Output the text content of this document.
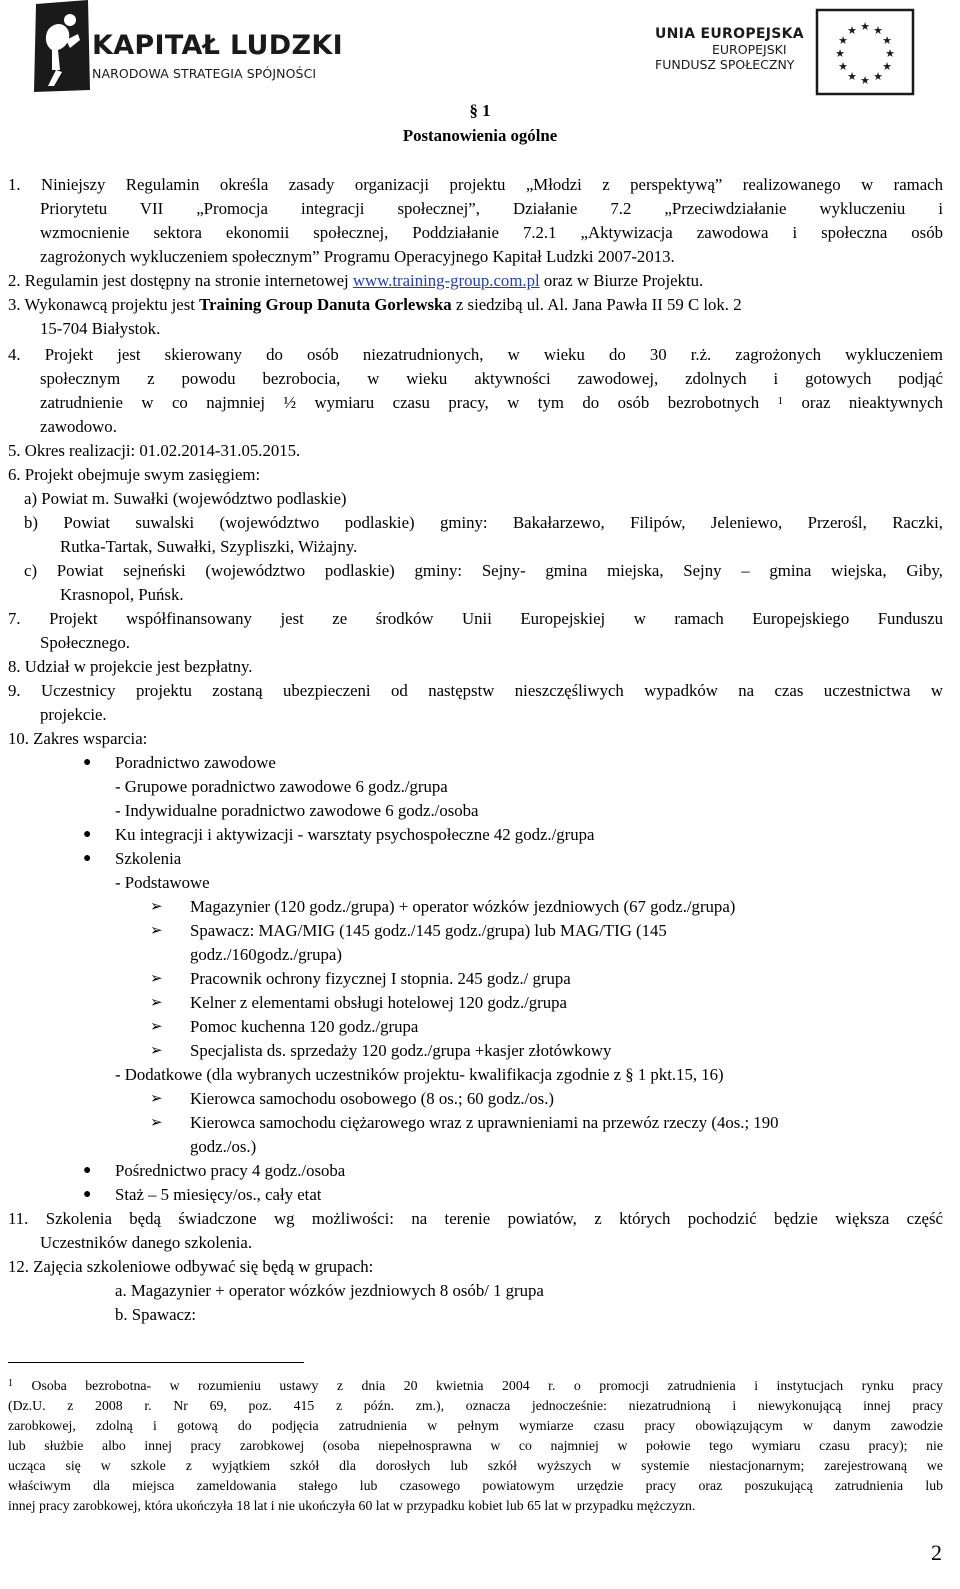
KAPITAŁ LUDZKI
NARODOWA STRATEGIA SPÓJNOŚCI
UNIA EUROPEJSKA
EUROPEJSKI
FUNDUSZ SPOŁECZNY
★ ★
★
★
★
★
★
★
★
★
★
★
§ 1
Postanowienia ogólne
1. Niniejszy Regulamin określa zasady organizacji projektu „Młodzi z perspektywą” realizowanego w ramach
Priorytetu VII „Promocja integracji społecznej”, Działanie 7.2 „Przeciwdziałanie wykluczeniu i
wzmocnienie sektora ekonomii społecznej, Poddziałanie 7.2.1 „Aktywizacja zawodowa i społeczna osób
zagrożonych wykluczeniem społecznym” Programu Operacyjnego Kapitał Ludzki 2007-2013.
2. Regulamin jest dostępny na stronie internetowej www.training-group.com.pl oraz w Biurze Projektu.
3. Wykonawcą projektu jest Training Group Danuta Gorlewska z siedzibą ul. Al. Jana Pawła II 59 C lok. 2
15-704 Białystok.
4. Projekt jest skierowany do osób niezatrudnionych, w wieku do 30 r.ż. zagrożonych wykluczeniem
społecznym z powodu bezrobocia, w wieku aktywności zawodowej, zdolnych i gotowych podjąć
zatrudnienie w co najmniej ½ wymiaru czasu pracy, w tym do osób bezrobotnych $^1$ oraz nieaktywnych
zawodowo.
5. Okres realizacji: 01.02.2014-31.05.2015.
6. Projekt obejmuje swym zasięgiem:
a) Powiat m. Suwałki (województwo podlaskie)
b) Powiat suwalski (województwo podlaskie) gminy: Bakałarzewo, Filipów, Jeleniewo, Przerośl, Raczki,
Rutka-Tartak, Suwałki, Szypliszki, Wiżajny.
c) Powiat sejneński (województwo podlaskie) gminy: Sejny- gmina miejska, Sejny – gmina wiejska, Giby,
Krasnopol, Puńsk.
7. Projekt współfinansowany jest ze środków Unii Europejskiej w ramach Europejskiego Funduszu
Społecznego.
8. Udział w projekcie jest bezpłatny.
9. Uczestnicy projektu zostaną ubezpieczeni od następstw nieszczęśliwych wypadków na czas uczestnictwa w
projekcie.
10. Zakres wsparcia:
● Poradnictwo zawodowe
- Grupowe poradnictwo zawodowe 6 godz./grupa
- Indywidualne poradnictwo zawodowe 6 godz./osoba
● Ku integracji i aktywizacji - warsztaty psychospołeczne 42 godz./grupa
● Szkolenia
- Podstawowe
➢ Magazynier (120 godz./grupa) + operator wózków jezdniowych (67 godz./grupa)
➢ Spawacz: MAG/MIG (145 godz./145 godz./grupa) lub MAG/TIG (145
godz./160godz./grupa)
➢ Pracownik ochrony fizycznej I stopnia. 245 godz./ grupa
➢ Kelner z elementami obsługi hotelowej 120 godz./grupa
➢ Pomoc kuchenna 120 godz./grupa
➢ Specjalista ds. sprzedaży 120 godz./grupa +kasjer złotówkowy
- Dodatkowe (dla wybranych uczestników projektu- kwalifikacja zgodnie z § 1 pkt.15, 16)
➢ Kierowca samochodu osobowego (8 os.; 60 godz./os.)
➢ Kierowca samochodu ciężarowego wraz z uprawnieniami na przewóz rzeczy (4os.; 190
godz./os.)
● Pośrednictwo pracy 4 godz./osoba
● Staż – 5 miesięcy/os., cały etat
11. Szkolenia będą świadczone wg możliwości: na terenie powiatów, z których pochodzić będzie większa część
Uczestników danego szkolenia.
12. Zajęcia szkoleniowe odbywać się będą w grupach:
a. Magazynier + operator wózków jezdniowych 8 osób/ 1 grupa
b. Spawacz:
$^1$ Osoba bezrobotna- w rozumieniu ustawy z dnia 20 kwietnia 2004 r. o promocji zatrudnienia i instytucjach rynku pracy
(Dz.U. z 2008 r. Nr 69, poz. 415 z późn. zm.), oznacza jednocześnie: niezatrudnioną i niewykonującą innej pracy
zarobkowej, zdolną i gotową do podjęcia zatrudnienia w pełnym wymiarze czasu pracy obowiązującym w danym zawodzie
lub służbie albo innej pracy zarobkowej (osoba niepełnosprawna w co najmniej w połowie tego wymiaru czasu pracy); nie
ucząca się w szkole z wyjątkiem szkół dla dorosłych lub szkół wyższych w systemie niestacjonarnym; zarejestrowaną we
właściwym dla miejsca zameldowania stałego lub czasowego powiatowym urzędzie pracy oraz poszukującą zatrudnienia lub
innej pracy zarobkowej, która ukończyła 18 lat i nie ukończyła 60 lat w przypadku kobiet lub 65 lat w przypadku mężczyzn.
2
